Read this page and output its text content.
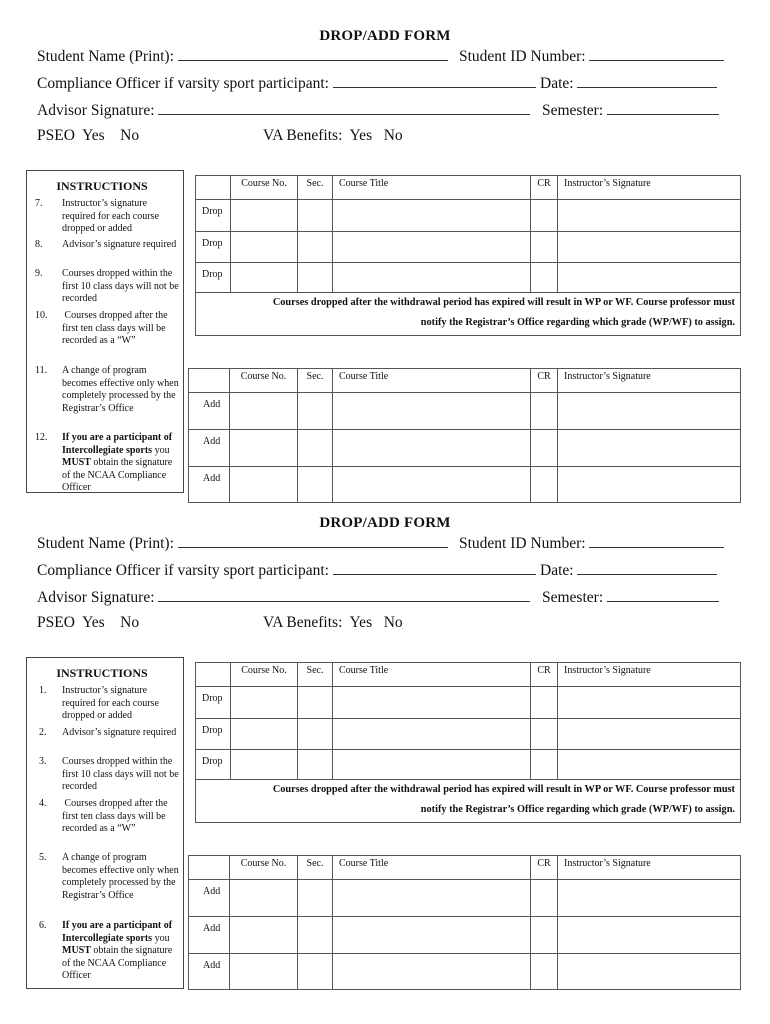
DROP/ADD FORM
Student Name (Print):	Student ID Number:
Compliance Officer if varsity sport participant:	Date:
Advisor Signature:	Semester:
PSEO  Yes    No	VA Benefits:  Yes   No
INSTRUCTIONS
7.	Instructor’s signature required for each course dropped or added
8.	Advisor’s signature required
9.	Courses dropped within the first 10 class days will not be recorded
10.	Courses dropped after the    first ten class days will be recorded as a “W”
11.	A change of program becomes effective only when completely processed by the Registrar’s Office
12.	If you are a participant of Intercollegiate sports you MUST obtain the signature of the NCAA Compliance Officer
	Course No.	Sec.	Course Title	CR	Instructor’s Signature
Drop					
Drop					
Drop					

Courses dropped after the withdrawal period has expired will result in WP or WF. Course professor must
notify the Registrar’s Office regarding which grade (WP/WF) to assign.					
	Course No.	Sec.	Course Title	CR	Instructor’s Signature
Add					
Add					
Add					
DROP/ADD FORM
Student Name (Print):	Student ID Number:
Compliance Officer if varsity sport participant:	Date:
Advisor Signature:	Semester:
PSEO  Yes    No	VA Benefits:  Yes   No
INSTRUCTIONS
1.	Instructor’s signature required for each course dropped or added
2.	Advisor’s signature required
3.	Courses dropped within the first 10 class days will not be recorded
4.	Courses dropped after the    first ten class days will be recorded as a “W”
5.	A change of program becomes effective only when completely processed by the Registrar’s Office
6.	If you are a participant of Intercollegiate sports you MUST obtain the signature of the NCAA Compliance Officer
	Course No.	Sec.	Course Title	CR	Instructor’s Signature
Drop					
Drop					
Drop					

Courses dropped after the withdrawal period has expired will result in WP or WF. Course professor must
notify the Registrar’s Office regarding which grade (WP/WF) to assign.					
	Course No.	Sec.	Course Title	CR	Instructor’s Signature
Add					
Add					
Add					
